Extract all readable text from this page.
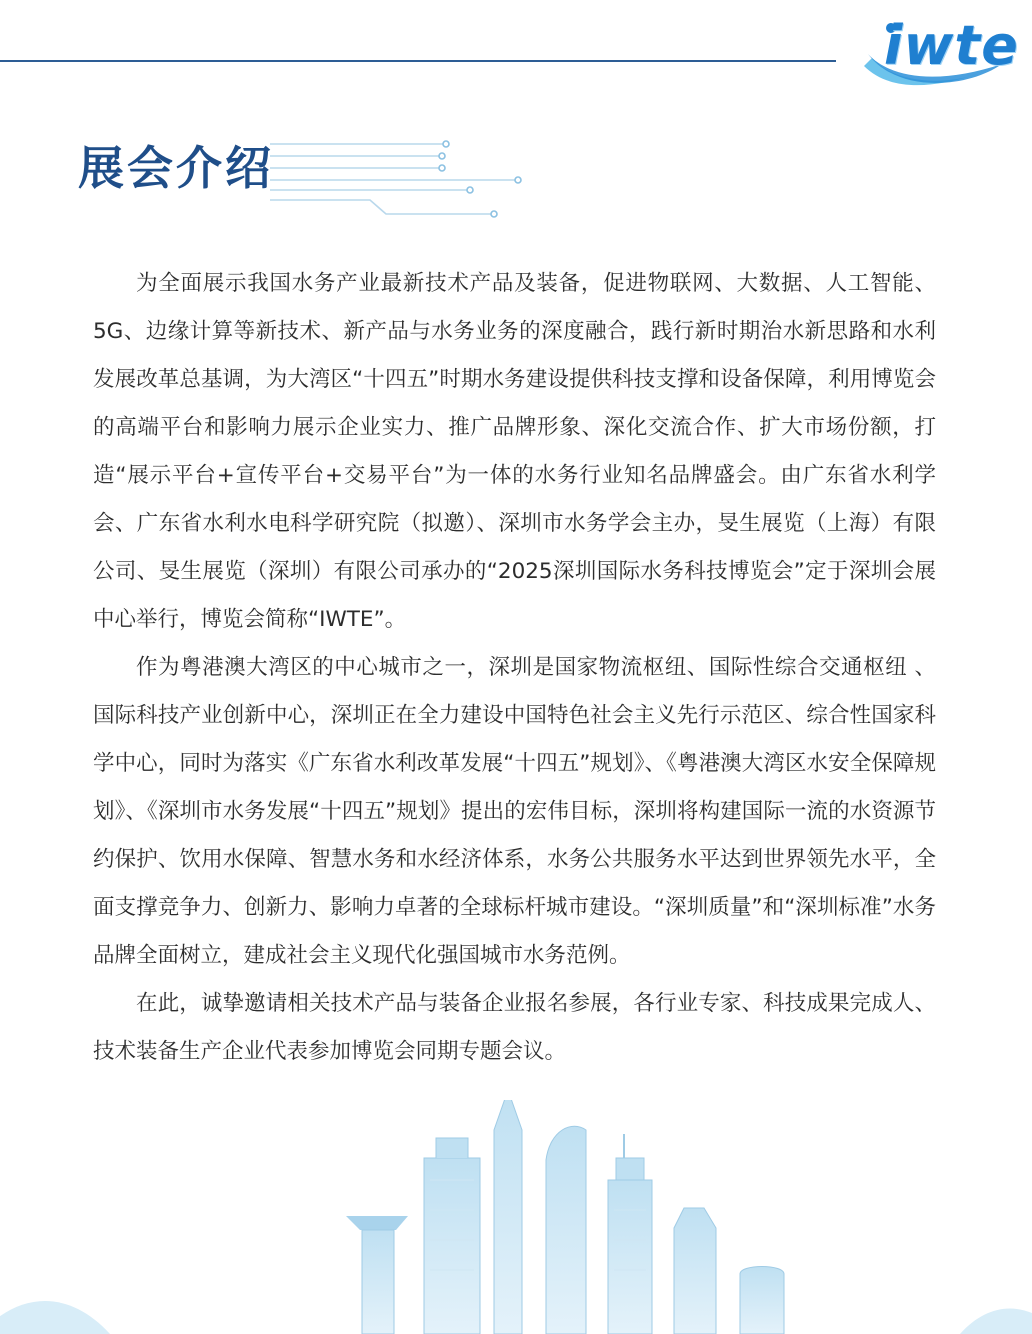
iwte
展会介绍

为全面展示我国水务产业最新技术产品及装备，促进物联网、大数据、人工智能、5G、边缘计算等新技术、新产品与水务业务的深度融合，践行新时期治水新思路和水利发展改革总基调，为大湾区“十四五”时期水务建设提供科技支撑和设备保障，利用博览会的高端平台和影响力展示企业实力、推广品牌形象、深化交流合作、扩大市场份额，打造“展示平台+宣传平台+交易平台”为一体的水务行业知名品牌盛会。由广东省水利学会、广东省水利水电科学研究院（拟邀）、深圳市水务学会主办，旻生展览（上海）有限公司、旻生展览（深圳）有限公司承办的“2025深圳国际水务科技博览会”定于深圳会展中心举行，博览会简称“IWTE”。

作为粤港澳大湾区的中心城市之一，深圳是国家物流枢纽、国际性综合交通枢纽 、国际科技产业创新中心，深圳正在全力建设中国特色社会主义先行示范区、综合性国家科学中心，同时为落实《广东省水利改革发展“十四五”规划》、《粤港澳大湾区水安全保障规划》、《深圳市水务发展“十四五”规划》提出的宏伟目标，深圳将构建国际一流的水资源节约保护、饮用水保障、智慧水务和水经济体系，水务公共服务水平达到世界领先水平，全面支撑竞争力、创新力、影响力卓著的全球标杆城市建设。“深圳质量”和“深圳标准”水务品牌全面树立，建成社会主义现代化强国城市水务范例。

在此，诚挚邀请相关技术产品与装备企业报名参展，各行业专家、科技成果完成人、技术装备生产企业代表参加博览会同期专题会议。
